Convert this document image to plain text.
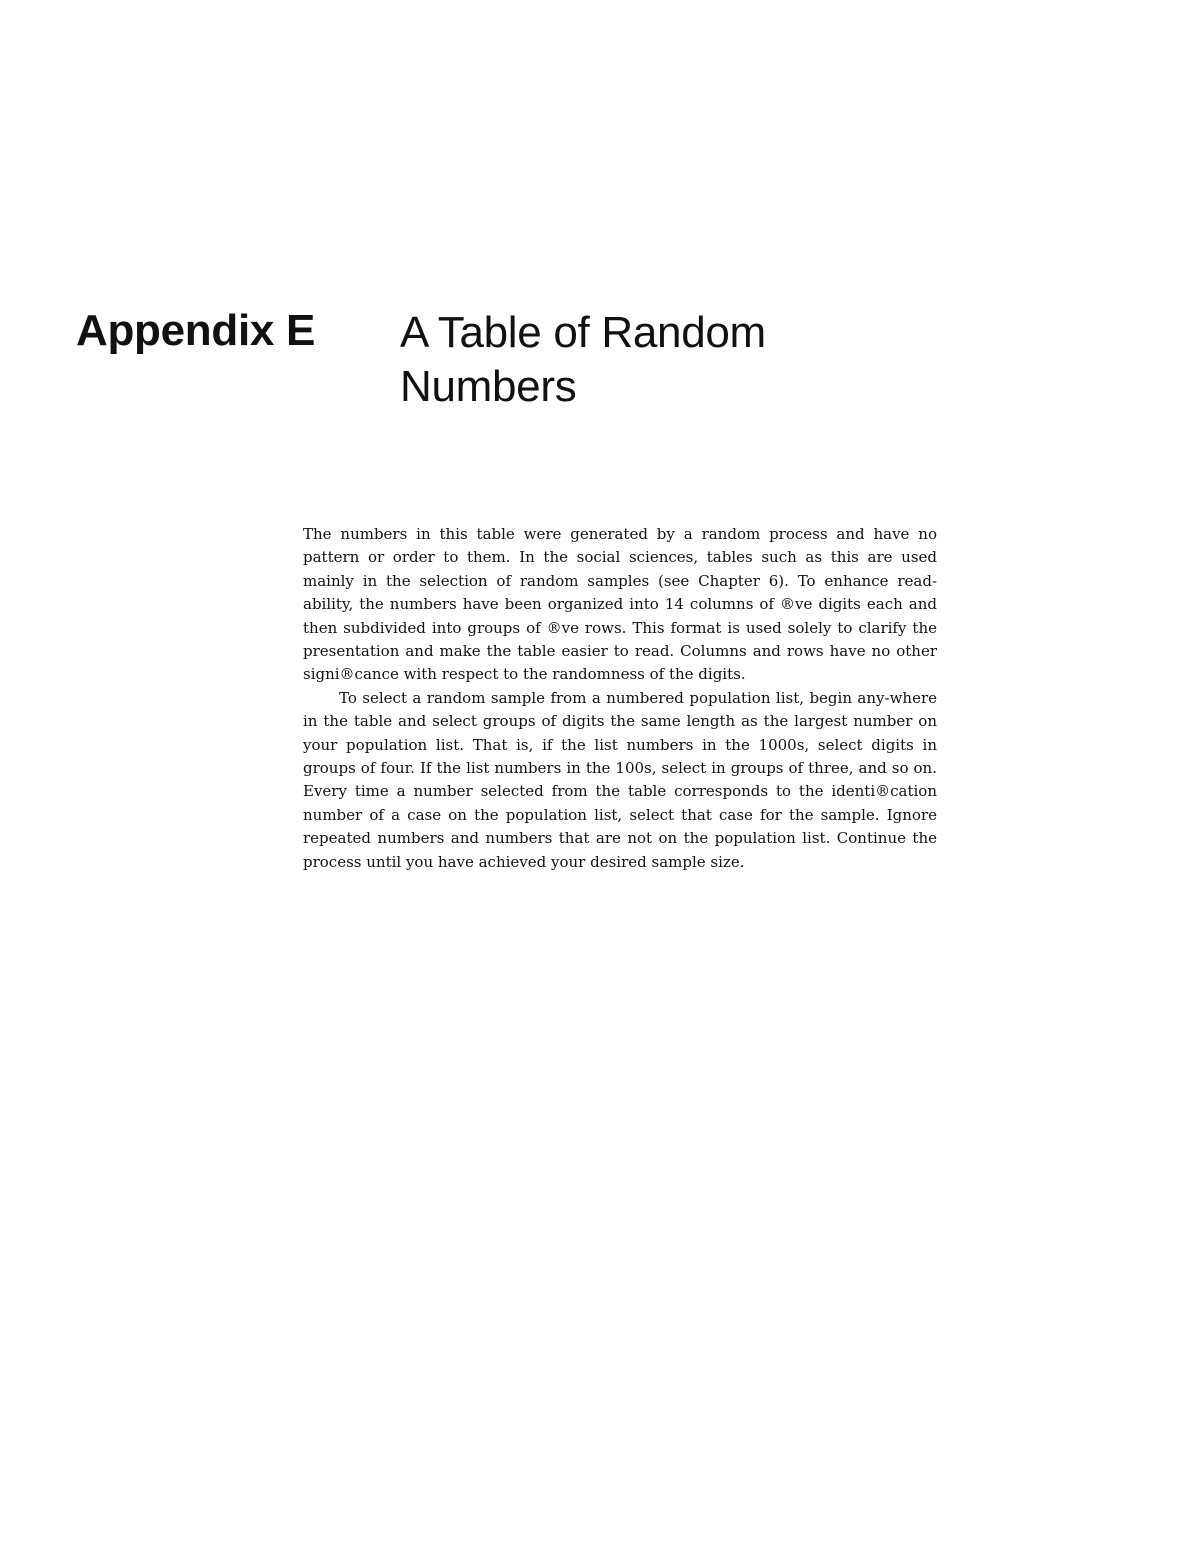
Appendix E A Table of Random
Numbers

The numbers in this table were generated by a random process and have no pattern or order to them. In the social sciences, tables such as this are used mainly in the selection of random samples (see Chapter 6). To enhance read-ability, the numbers have been organized into 14 columns of ®ve digits each and then subdivided into groups of ®ve rows. This format is used solely to clarify the presentation and make the table easier to read. Columns and rows have no other signi®cance with respect to the randomness of the digits.

To select a random sample from a numbered population list, begin any-where in the table and select groups of digits the same length as the largest number on your population list. That is, if the list numbers in the 1000s, select digits in groups of four. If the list numbers in the 100s, select in groups of three, and so on. Every time a number selected from the table corresponds to the identi®cation number of a case on the population list, select that case for the sample. Ignore repeated numbers and numbers that are not on the population list. Continue the process until you have achieved your desired sample size.
